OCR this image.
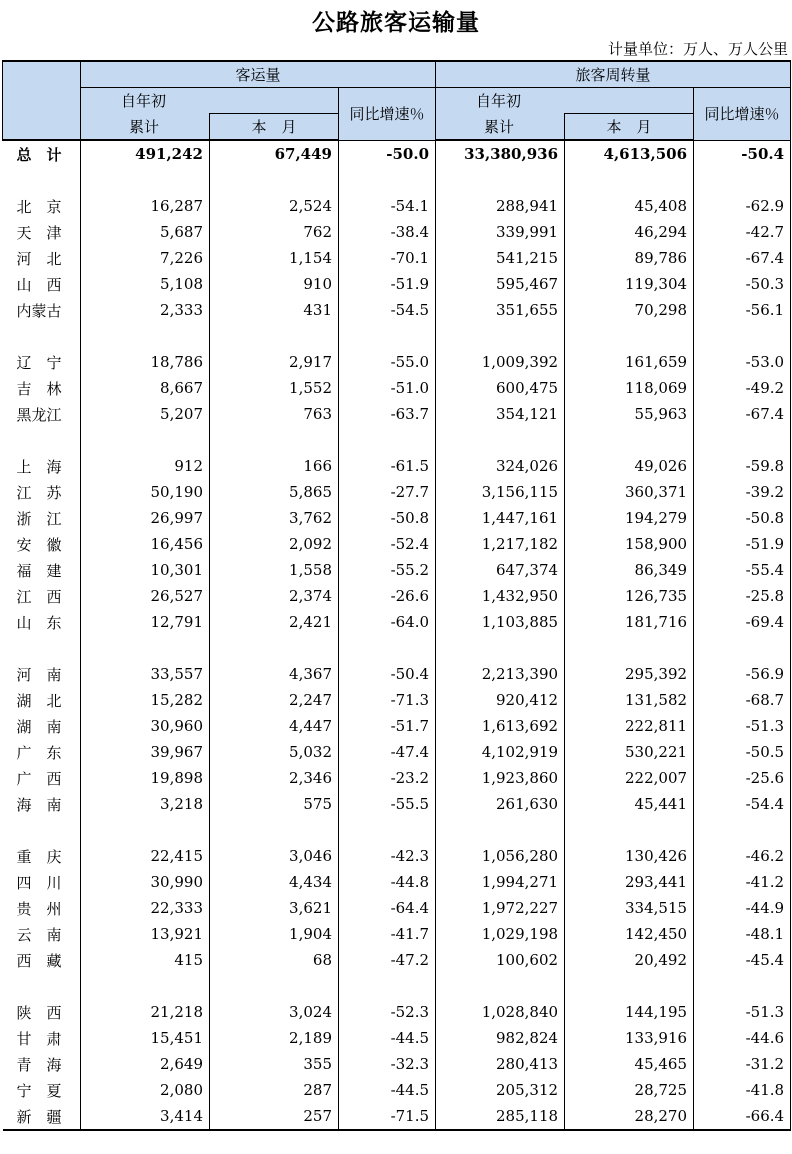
公路旅客运输量
计量单位：万人、万人公里
	客运量			旅客周转量		
	自年初		同比增速％	自年初		同比增速％
	累计	本　月		累计	本　月	
总　计	491,242	67,449	-50.0	33,380,936	4,613,506	-50.4

北　京	16,287	2,524	-54.1	288,941	45,408	-62.9
天　津	5,687	762	-38.4	339,991	46,294	-42.7
河　北	7,226	1,154	-70.1	541,215	89,786	-67.4
山　西	5,108	910	-51.9	595,467	119,304	-50.3
内蒙古	2,333	431	-54.5	351,655	70,298	-56.1

辽　宁	18,786	2,917	-55.0	1,009,392	161,659	-53.0
吉　林	8,667	1,552	-51.0	600,475	118,069	-49.2
黑龙江	5,207	763	-63.7	354,121	55,963	-67.4

上　海	912	166	-61.5	324,026	49,026	-59.8
江　苏	50,190	5,865	-27.7	3,156,115	360,371	-39.2
浙　江	26,997	3,762	-50.8	1,447,161	194,279	-50.8
安　徽	16,456	2,092	-52.4	1,217,182	158,900	-51.9
福　建	10,301	1,558	-55.2	647,374	86,349	-55.4
江　西	26,527	2,374	-26.6	1,432,950	126,735	-25.8
山　东	12,791	2,421	-64.0	1,103,885	181,716	-69.4

河　南	33,557	4,367	-50.4	2,213,390	295,392	-56.9
湖　北	15,282	2,247	-71.3	920,412	131,582	-68.7
湖　南	30,960	4,447	-51.7	1,613,692	222,811	-51.3
广　东	39,967	5,032	-47.4	4,102,919	530,221	-50.5
广　西	19,898	2,346	-23.2	1,923,860	222,007	-25.6
海　南	3,218	575	-55.5	261,630	45,441	-54.4

重　庆	22,415	3,046	-42.3	1,056,280	130,426	-46.2
四　川	30,990	4,434	-44.8	1,994,271	293,441	-41.2
贵　州	22,333	3,621	-64.4	1,972,227	334,515	-44.9
云　南	13,921	1,904	-41.7	1,029,198	142,450	-48.1
西　藏	415	68	-47.2	100,602	20,492	-45.4

陕　西	21,218	3,024	-52.3	1,028,840	144,195	-51.3
甘　肃	15,451	2,189	-44.5	982,824	133,916	-44.6
青　海	2,649	355	-32.3	280,413	45,465	-31.2
宁　夏	2,080	287	-44.5	205,312	28,725	-41.8
新　疆	3,414	257	-71.5	285,118	28,270	-66.4
